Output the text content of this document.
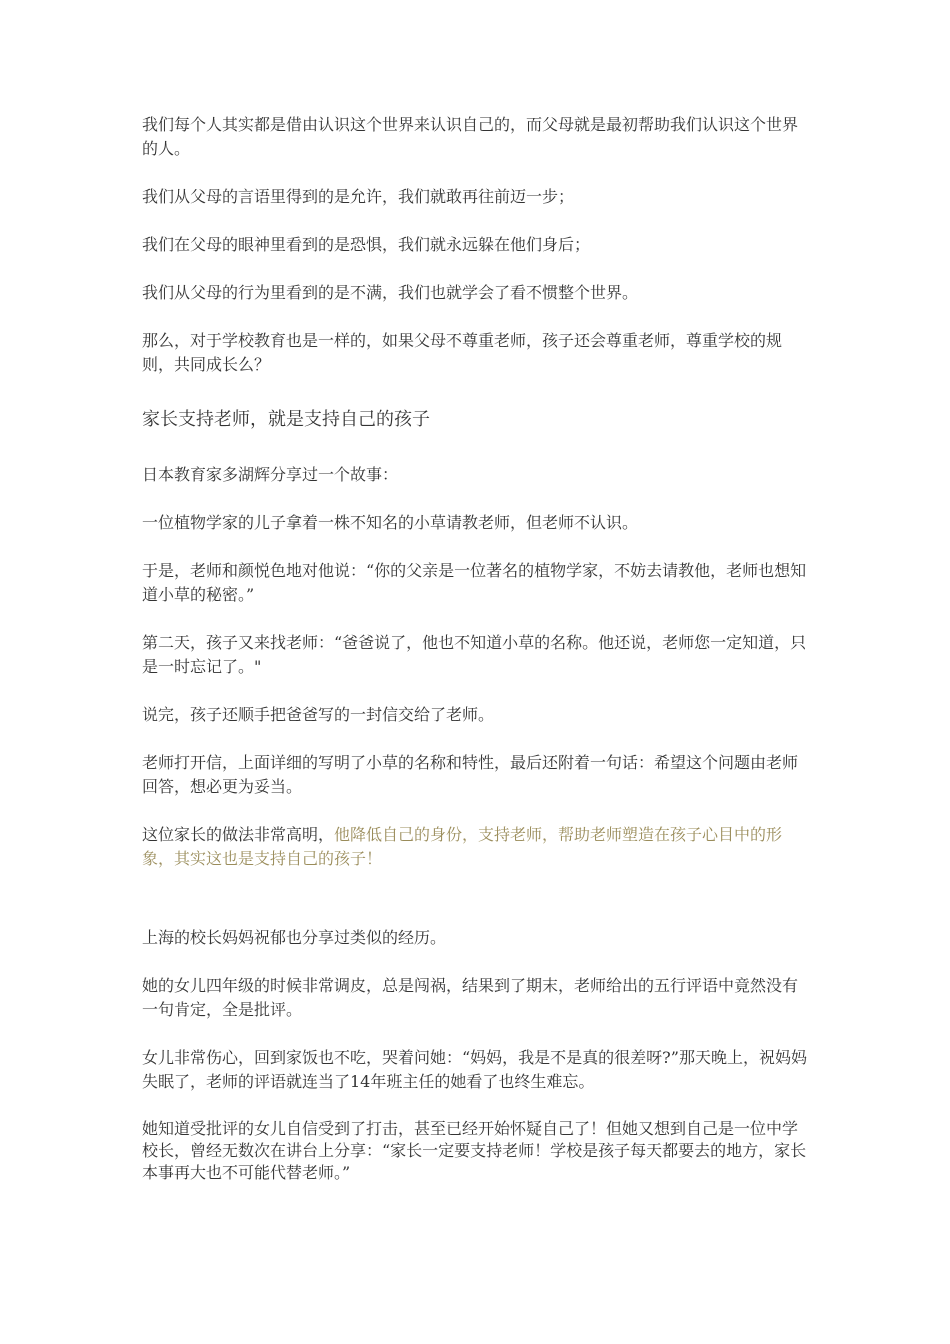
我们每个人其实都是借由认识这个世界来认识自己的，而父母就是最初帮助我们认识这个世界的人。

我们从父母的言语里得到的是允许，我们就敢再往前迈一步；

我们在父母的眼神里看到的是恐惧，我们就永远躲在他们身后；

我们从父母的行为里看到的是不满，我们也就学会了看不惯整个世界。

那么，对于学校教育也是一样的，如果父母不尊重老师，孩子还会尊重老师，尊重学校的规则，共同成长么？

家长支持老师，就是支持自己的孩子

日本教育家多湖辉分享过一个故事：

一位植物学家的儿子拿着一株不知名的小草请教老师，但老师不认识。

于是，老师和颜悦色地对他说：“你的父亲是一位著名的植物学家，不妨去请教他，老师也想知道小草的秘密。”

第二天，孩子又来找老师：“爸爸说了，他也不知道小草的名称。他还说，老师您一定知道，只是一时忘记了。"

说完，孩子还顺手把爸爸写的一封信交给了老师。

老师打开信，上面详细的写明了小草的名称和特性，最后还附着一句话：希望这个问题由老师回答，想必更为妥当。

这位家长的做法非常高明，他降低自己的身份，支持老师，帮助老师塑造在孩子心目中的形象，其实这也是支持自己的孩子！

上海的校长妈妈祝郁也分享过类似的经历。

她的女儿四年级的时候非常调皮，总是闯祸，结果到了期末，老师给出的五行评语中竟然没有一句肯定，全是批评。

女儿非常伤心，回到家饭也不吃，哭着问她：“妈妈，我是不是真的很差呀?”那天晚上，祝妈妈失眠了，老师的评语就连当了14年班主任的她看了也终生难忘。

她知道受批评的女儿自信受到了打击，甚至已经开始怀疑自己了！但她又想到自己是一位中学校长，曾经无数次在讲台上分享：“家长一定要支持老师！学校是孩子每天都要去的地方，家长本事再大也不可能代替老师。”
